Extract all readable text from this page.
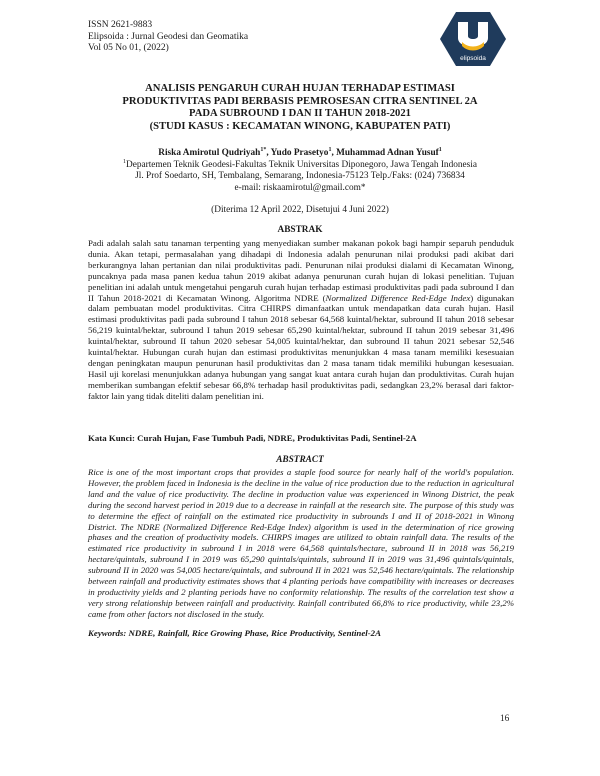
ISSN 2621-9883
Elipsoida : Jurnal Geodesi dan Geomatika
Vol 05 No 01, (2022)
elipsoida
ANALISIS PENGARUH CURAH HUJAN TERHADAP ESTIMASI
PRODUKTIVITAS PADI BERBASIS PEMROSESAN CITRA SENTINEL 2A
PADA SUBROUND I DAN II TAHUN 2018-2021
(STUDI KASUS : KECAMATAN WINONG, KABUPATEN PATI)
Riska Amirotul Qudriyah$^{1*}$, Yudo Prasetyo$^1$, Muhammad Adnan Yusuf$^1$
$^1$Departemen Teknik Geodesi-Fakultas Teknik Universitas Diponegoro, Jawa Tengah Indonesia
Jl. Prof Soedarto, SH, Tembalang, Semarang, Indonesia-75123 Telp./Faks: (024) 736834
e-mail: riskaamirotul@gmail.com*
(Diterima 12 April 2022, Disetujui 4 Juni 2022)
ABSTRAK
Padi adalah salah satu tanaman terpenting yang menyediakan sumber makanan pokok bagi hampir separuh penduduk dunia. Akan tetapi, permasalahan yang dihadapi di Indonesia adalah penurunan nilai produksi padi akibat dari berkurangnya lahan pertanian dan nilai produktivitas padi. Penurunan nilai produksi dialami di Kecamatan Winong, puncaknya pada masa panen kedua tahun 2019 akibat adanya penurunan curah hujan di lokasi penelitian. Tujuan penelitian ini adalah untuk mengetahui pengaruh curah hujan terhadap estimasi produktivitas padi pada subround I dan II Tahun 2018-2021 di Kecamatan Winong. Algoritma NDRE (Normalized Difference Red-Edge Index) digunakan dalam pembuatan model produktivitas. Citra CHIRPS dimanfaatkan untuk mendapatkan data curah hujan. Hasil estimasi produktivitas padi pada subround I tahun 2018 sebesar 64,568 kuintal/hektar, subround II tahun 2018 sebesar 56,219 kuintal/hektar, subround I tahun 2019 sebesar 65,290 kuintal/hektar, subround II tahun 2019 sebesar 31,496 kuintal/hektar, subround II tahun 2020 sebesar 54,005 kuintal/hektar, dan subround II tahun 2021 sebesar 52,546 kuintal/hektar. Hubungan curah hujan dan estimasi produktivitas menunjukkan 4 masa tanam memiliki kesesuaian dengan peningkatan maupun penurunan hasil produktivitas dan 2 masa tanam tidak memiliki hubungan kesesuaian. Hasil uji korelasi menunjukkan adanya hubungan yang sangat kuat antara curah hujan dan produktivitas. Curah hujan memberikan sumbangan efektif sebesar 66,8% terhadap hasil produktivitas padi, sedangkan 23,2% berasal dari faktor-faktor lain yang tidak diteliti dalam penelitian ini.
Kata Kunci: Curah Hujan, Fase Tumbuh Padi, NDRE, Produktivitas Padi, Sentinel-2A
ABSTRACT
Rice is one of the most important crops that provides a staple food source for nearly half of the world's population. However, the problem faced in Indonesia is the decline in the value of rice production due to the reduction in agricultural land and the value of rice productivity. The decline in production value was experienced in Winong District, the peak during the second harvest period in 2019 due to a decrease in rainfall at the research site. The purpose of this study was to determine the effect of rainfall on the estimated rice productivity in subrounds I and II of 2018-2021 in Winong District. The NDRE (Normalized Difference Red-Edge Index) algorithm is used in the determination of rice growing phases and the creation of productivity models. CHIRPS images are utilized to obtain rainfall data. The results of the estimated rice productivity in subround I in 2018 were 64,568 quintals/hectare, subround II in 2018 was 56,219 hectare/quintals, subround I in 2019 was 65,290 quintals/quintals, subround II in 2019 was 31,496 quintals/quintals, subround II in 2020 was 54,005 hectare/quintals, and subround II in 2021 was 52,546 hectare/quintals. The relationship between rainfall and productivity estimates shows that 4 planting periods have compatibility with increases or decreases in productivity yields and 2 planting periods have no conformity relationship. The results of the correlation test show a very strong relationship between rainfall and productivity. Rainfall contributed 66,8% to rice productivity, while 23,2% came from other factors not disclosed in the study.
Keywords: NDRE, Rainfall, Rice Growing Phase, Rice Productivity, Sentinel-2A
16
